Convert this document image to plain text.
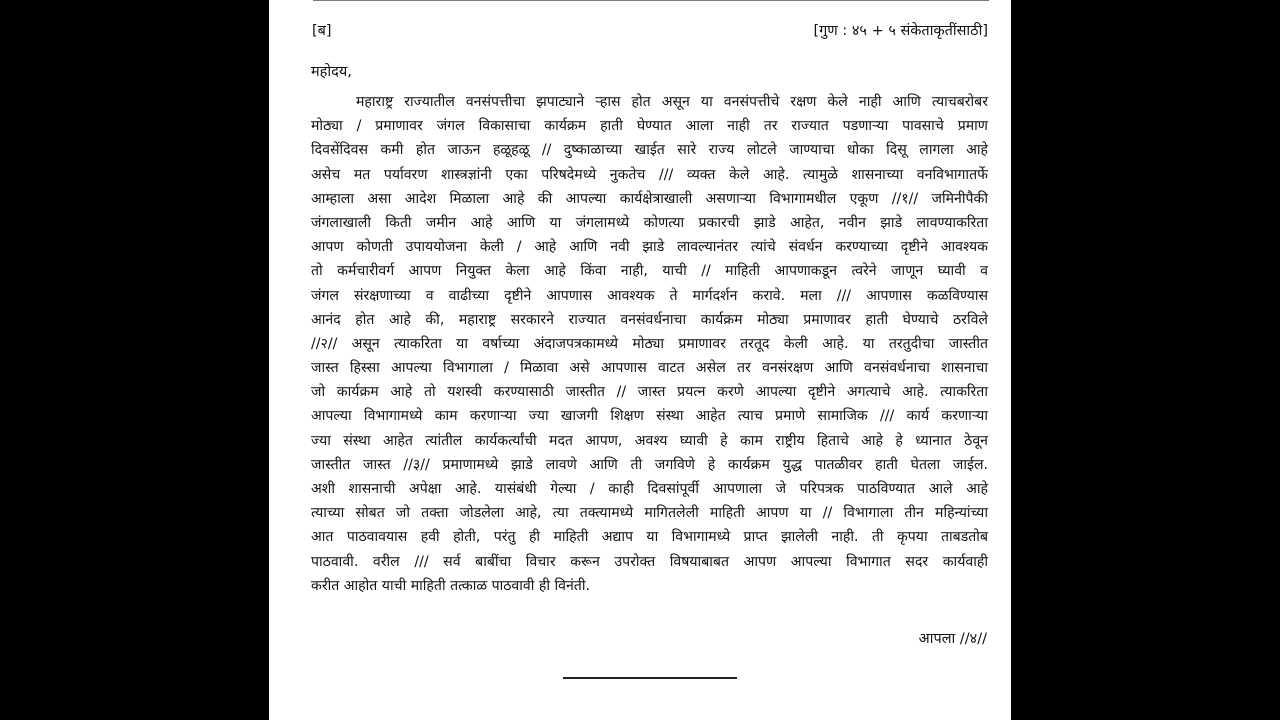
[ब]	[गुण : ४५ + ५ संकेताकृतींसाठी]
महोदय,
महाराष्ट्र राज्यातील वनसंपत्तीचा झपाट्याने ऱ्हास होत असून या वनसंपत्तीचे रक्षण केले नाही आणि त्याचबरोबर
मोठ्या / प्रमाणावर जंगल विकासाचा कार्यक्रम हाती घेण्यात आला नाही तर राज्यात पडणाऱ्या पावसाचे प्रमाण
दिवसेंदिवस कमी होत जाऊन हळूहळू // दुष्काळाच्या खाईत सारे राज्य लोटले जाण्याचा धोका दिसू लागला आहे
असेच मत पर्यावरण शास्त्रज्ञांनी एका परिषदेमध्ये नुकतेच /// व्यक्त केले आहे. त्यामुळे शासनाच्या वनविभागातर्फे
आम्हाला असा आदेश मिळाला आहे की आपल्या कार्यक्षेत्राखाली असणाऱ्या विभागामधील एकूण //१// जमिनीपैकी
जंगलाखाली किती जमीन आहे आणि या जंगलामध्ये कोणत्या प्रकारची झाडे आहेत, नवीन झाडे लावण्याकरिता
आपण कोणती उपाययोजना केली / आहे आणि नवी झाडे लावल्यानंतर त्यांचे संवर्धन करण्याच्या दृष्टीने आवश्यक
तो कर्मचारीवर्ग आपण नियुक्त केला आहे किंवा नाही, याची // माहिती आपणाकडून त्वरेने जाणून घ्यावी व
जंगल संरक्षणाच्या व वाढीच्या दृष्टीने आपणास आवश्यक ते मार्गदर्शन करावे. मला /// आपणास कळविण्यास
आनंद होत आहे की, महाराष्ट्र सरकारने राज्यात वनसंवर्धनाचा कार्यक्रम मोठ्या प्रमाणावर हाती घेण्याचे ठरविले
//२// असून त्याकरिता या वर्षाच्या अंदाजपत्रकामध्ये मोठ्या प्रमाणावर तरतूद केली आहे. या तरतुदीचा जास्तीत
जास्त हिस्सा आपल्या विभागाला / मिळावा असे आपणास वाटत असेल तर वनसंरक्षण आणि वनसंवर्धनाचा शासनाचा
जो कार्यक्रम आहे तो यशस्वी करण्यासाठी जास्तीत // जास्त प्रयत्न करणे आपल्या दृष्टीने अगत्याचे आहे. त्याकरिता
आपल्या विभागामध्ये काम करणाऱ्या ज्या खाजगी शिक्षण संस्था आहेत त्याच प्रमाणे सामाजिक /// कार्य करणाऱ्या
ज्या संस्था आहेत त्यांतील कार्यकर्त्यांची मदत आपण, अवश्य घ्यावी हे काम राष्ट्रीय हिताचे आहे हे ध्यानात ठेवून
जास्तीत जास्त //३// प्रमाणामध्ये झाडे लावणे आणि ती जगविणे हे कार्यक्रम युद्ध पातळीवर हाती घेतला जाईल.
अशी शासनाची अपेक्षा आहे. यासंबंधी गेल्या / काही दिवसांपूर्वी आपणाला जे परिपत्रक पाठविण्यात आले आहे
त्याच्या सोबत जो तक्ता जोडलेला आहे, त्या तक्त्यामध्ये मागितलेली माहिती आपण या // विभागाला तीन महिन्यांच्या
आत पाठवावयास हवी होती, परंतु ही माहिती अद्याप या विभागामध्ये प्राप्त झालेली नाही. ती कृपया ताबडतोब
पाठवावी. वरील /// सर्व बाबींचा विचार करून उपरोक्त विषयाबाबत आपण आपल्या विभागात सदर कार्यवाही
करीत आहोत याची माहिती तत्काळ पाठवावी ही विनंती.
आपला //४//
